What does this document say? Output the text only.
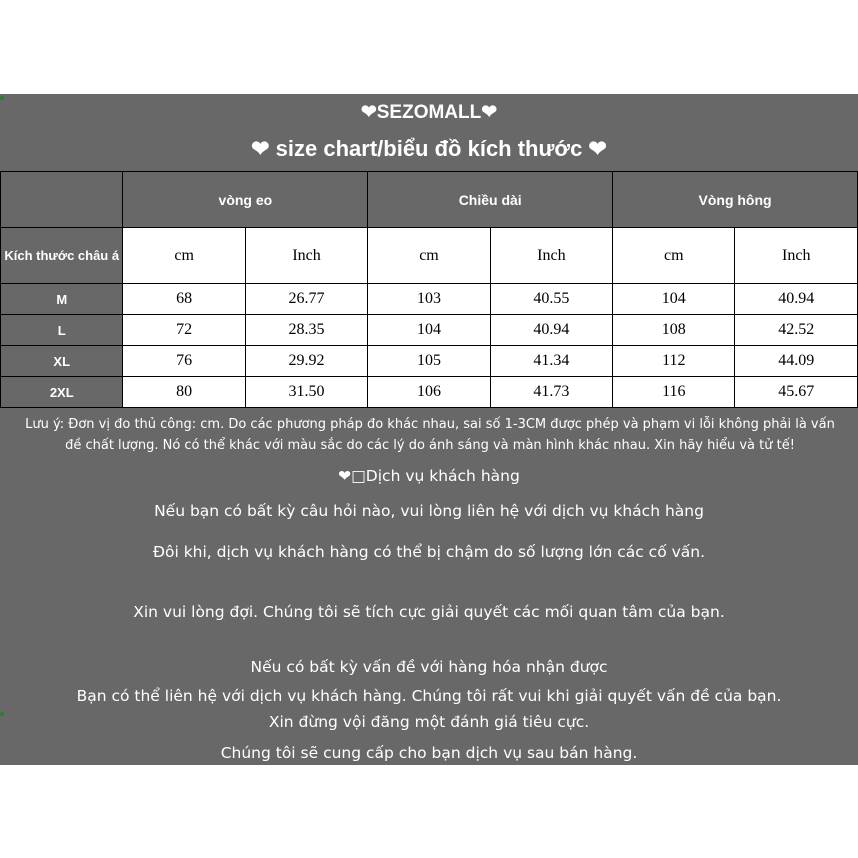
❤SEZOMALL❤
❤ size chart/biểu đồ kích thước ❤
	vòng eo		Chiều dài		Vòng hông	
Kích thước châu á	cm	Inch	cm	Inch	cm	Inch
M	68	26.77	103	40.55	104	40.94
L	72	28.35	104	40.94	108	42.52
XL	76	29.92	105	41.34	112	44.09
2XL	80	31.50	106	41.73	116	45.67
Lưu ý: Đơn vị đo thủ công: cm. Do các phương pháp đo khác nhau, sai số 1-3CM được phép và phạm vi lỗi không phải là vấn
đề chất lượng. Nó có thể khác với màu sắc do các lý do ánh sáng và màn hình khác nhau. Xin hãy hiểu và tử tế!
❤□Dịch vụ khách hàng
Nếu bạn có bất kỳ câu hỏi nào, vui lòng liên hệ với dịch vụ khách hàng
Đôi khi, dịch vụ khách hàng có thể bị chậm do số lượng lớn các cố vấn.
Xin vui lòng đợi. Chúng tôi sẽ tích cực giải quyết các mối quan tâm của bạn.
Nếu có bất kỳ vấn đề với hàng hóa nhận được
Bạn có thể liên hệ với dịch vụ khách hàng. Chúng tôi rất vui khi giải quyết vấn đề của bạn.
Xin đừng vội đăng một đánh giá tiêu cực.
Chúng tôi sẽ cung cấp cho bạn dịch vụ sau bán hàng.
